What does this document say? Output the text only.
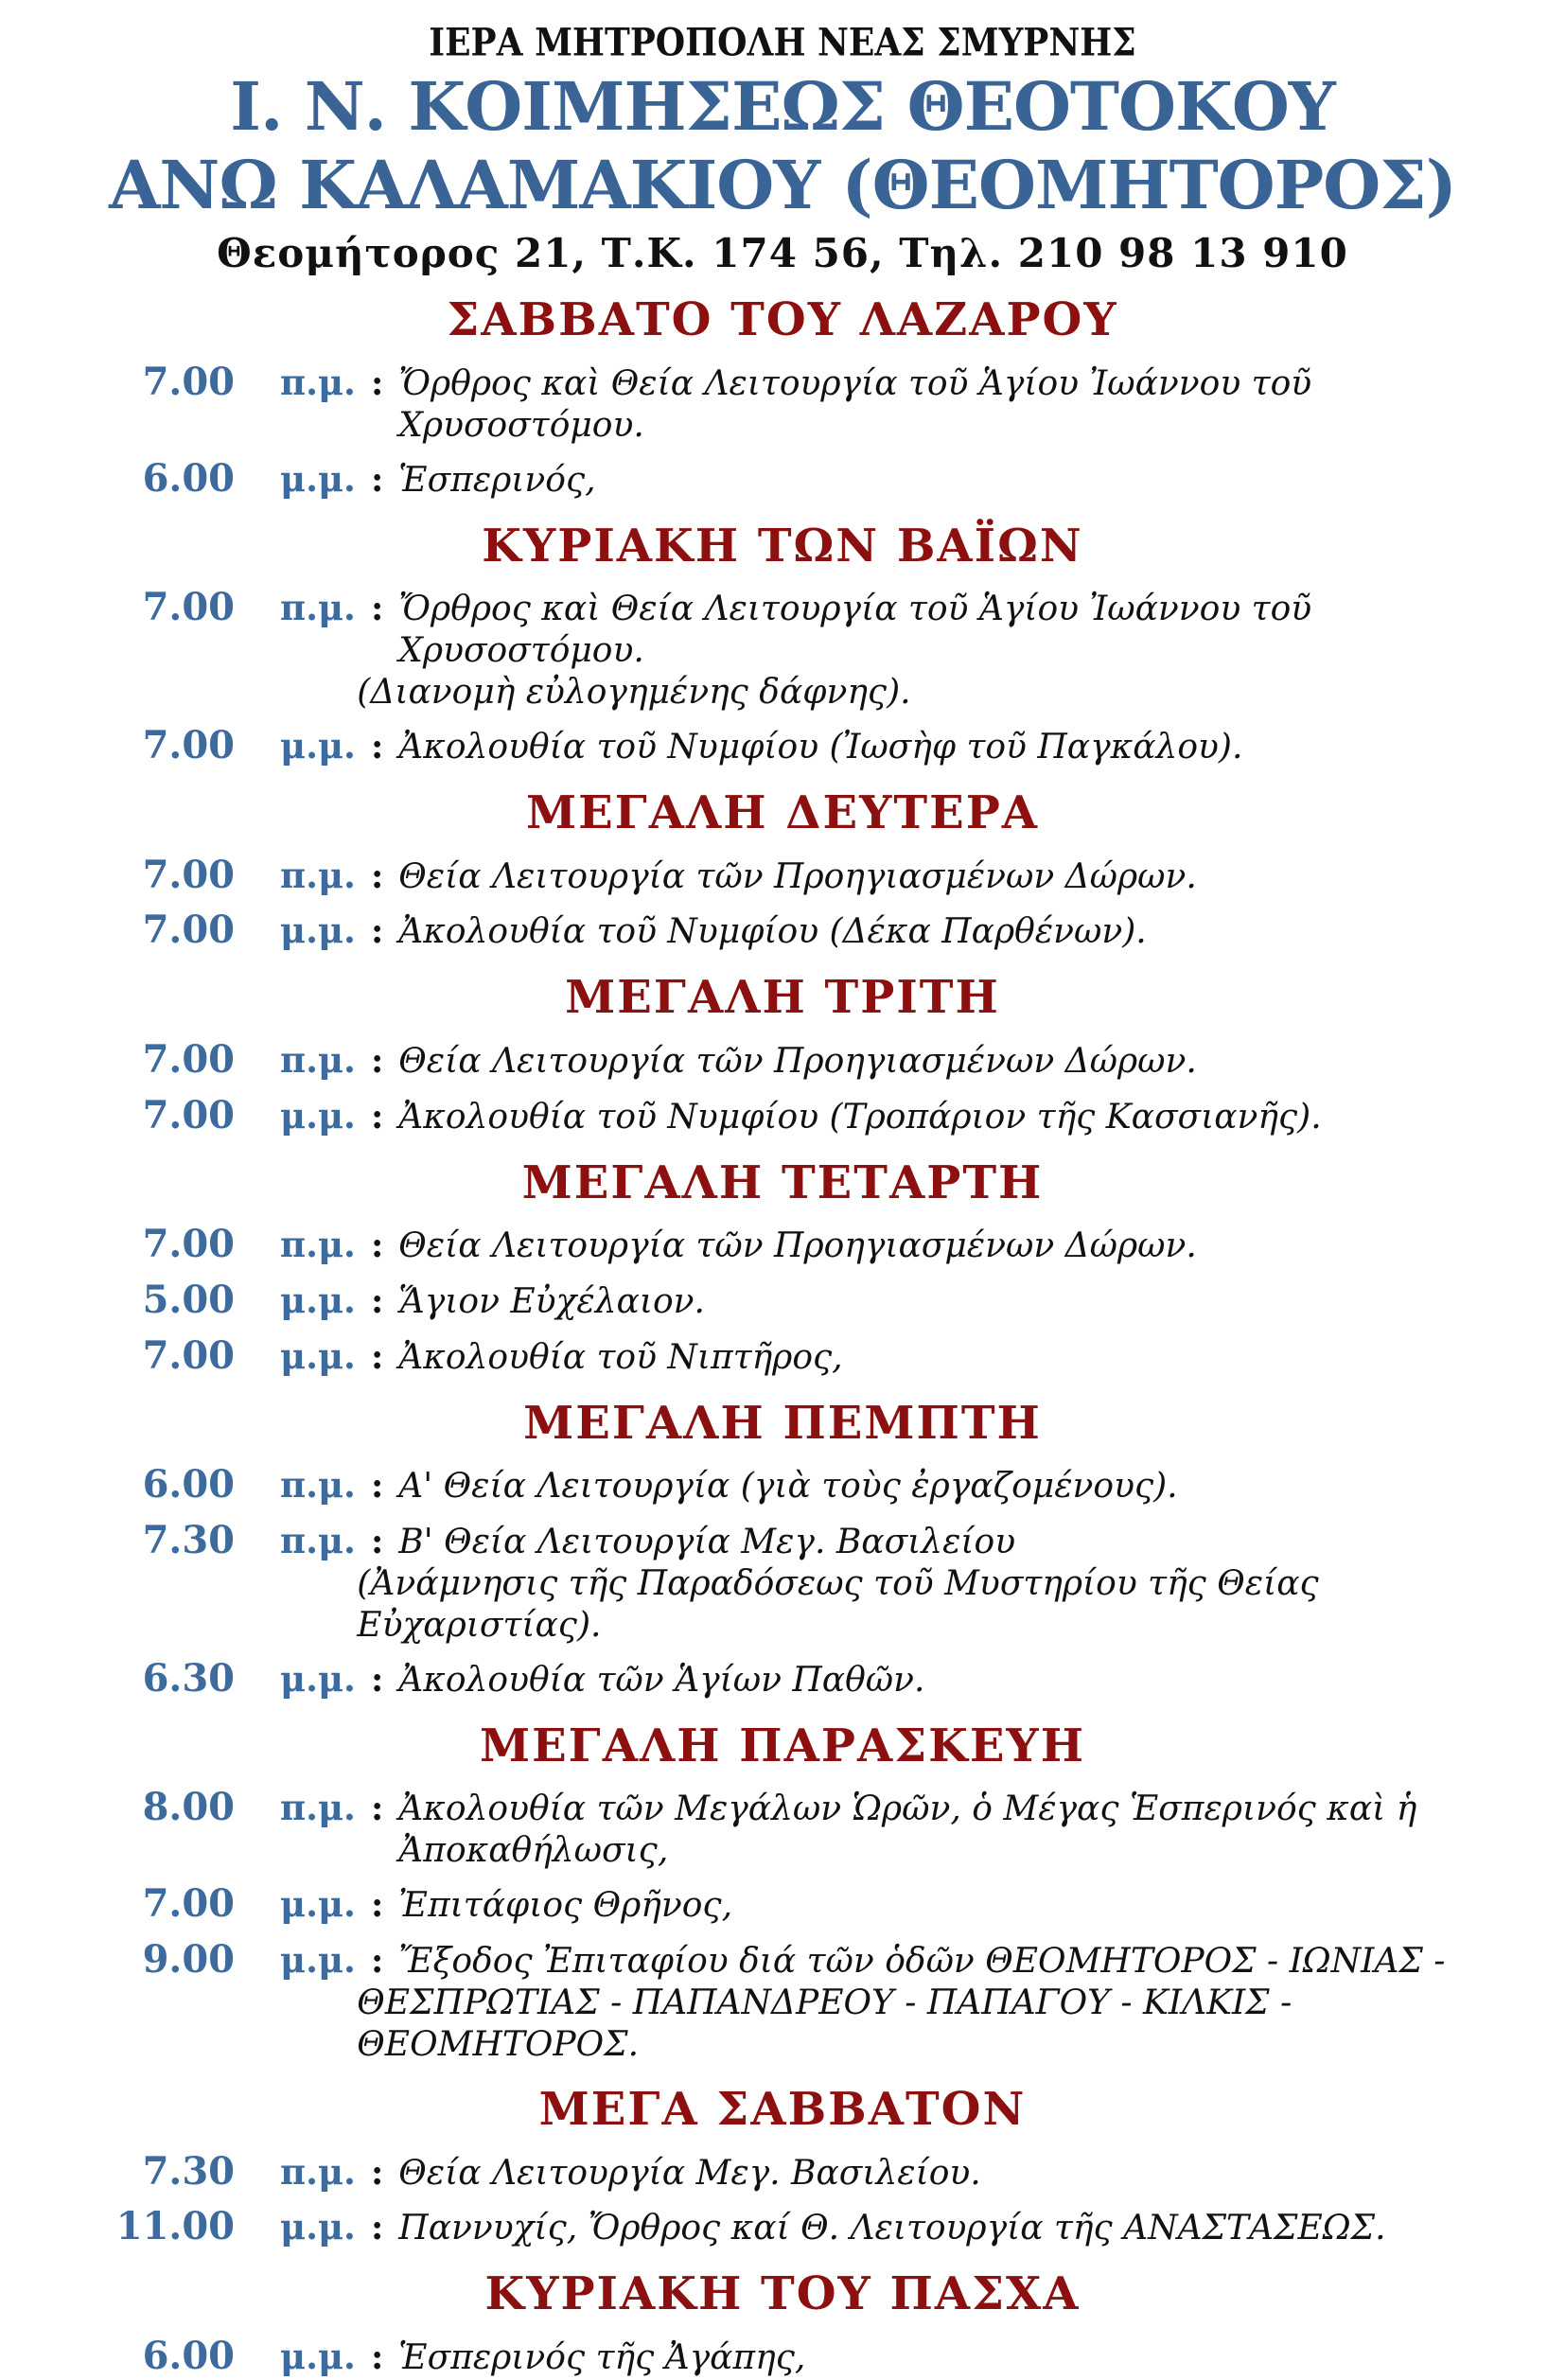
ΙΕΡΑ ΜΗΤΡΟΠΟΛΗ ΝΕΑΣ ΣΜΥΡΝΗΣ
Ι. Ν. ΚΟΙΜΗΣΕΩΣ ΘΕΟΤΟΚΟΥ
ΑΝΩ ΚΑΛΑΜΑΚΙΟΥ (ΘΕΟΜΗΤΟΡΟΣ)
Θεομήτορος 21, Τ.Κ. 174 56, Τηλ. 210 98 13 910
ΣΑΒΒΑΤΟ ΤΟΥ ΛΑΖΑΡΟΥ
7.00 π.μ. : Ὄρθρος καὶ Θεία Λειτουργία τοῦ Ἁγίου Ἰωάννου τοῦ Χρυσοστόμου.
6.00 μ.μ. : Ἑσπερινός,
ΚΥΡΙΑΚΗ ΤΩΝ ΒΑΪΩΝ
7.00 π.μ. : Ὄρθρος καὶ Θεία Λειτουργία τοῦ Ἁγίου Ἰωάννου τοῦ Χρυσοστόμου.
(Διανομὴ εὐλογημένης δάφνης).
7.00 μ.μ. : Ἀκολουθία τοῦ Νυμφίου (Ἰωσὴφ τοῦ Παγκάλου).
ΜΕΓΑΛΗ ΔΕΥΤΕΡΑ
7.00 π.μ. : Θεία Λειτουργία τῶν Προηγιασμένων Δώρων.
7.00 μ.μ. : Ἀκολουθία τοῦ Νυμφίου (Δέκα Παρθένων).
ΜΕΓΑΛΗ ΤΡΙΤΗ
7.00 π.μ. : Θεία Λειτουργία τῶν Προηγιασμένων Δώρων.
7.00 μ.μ. : Ἀκολουθία τοῦ Νυμφίου (Τροπάριον τῆς Κασσιανῆς).
ΜΕΓΑΛΗ ΤΕΤΑΡΤΗ
7.00 π.μ. : Θεία Λειτουργία τῶν Προηγιασμένων Δώρων.
5.00 μ.μ. : Ἅγιον Εὐχέλαιον.
7.00 μ.μ. : Ἀκολουθία τοῦ Νιπτῆρος,
ΜΕΓΑΛΗ ΠΕΜΠΤΗ
6.00 π.μ. : Α' Θεία Λειτουργία (γιὰ τοὺς ἐργαζομένους).
7.30 π.μ. : Β' Θεία Λειτουργία Μεγ. Βασιλείου
(Ἀνάμνησις τῆς Παραδόσεως τοῦ Μυστηρίου τῆς Θείας Εὐχαριστίας).
6.30 μ.μ. : Ἀκολουθία τῶν Ἁγίων Παθῶν.
ΜΕΓΑΛΗ ΠΑΡΑΣΚΕΥΗ
8.00 π.μ. : Ἀκολουθία τῶν Μεγάλων Ὡρῶν, ὁ Μέγας Ἑσπερινός καὶ ἡ Ἀποκαθήλωσις,
7.00 μ.μ. : Ἐπιτάφιος Θρῆνος,
9.00 μ.μ. : Ἔξοδος Ἐπιταφίου διά τῶν ὁδῶν ΘΕΟΜΗΤΟΡΟΣ - ΙΩΝΙΑΣ -
ΘΕΣΠΡΩΤΙΑΣ - ΠΑΠΑΝΔΡΕΟΥ - ΠΑΠΑΓΟΥ - ΚΙΛΚΙΣ - ΘΕΟΜΗΤΟΡΟΣ.
ΜΕΓΑ ΣΑΒΒΑΤΟΝ
7.30 π.μ. : Θεία Λειτουργία Μεγ. Βασιλείου.
11.00 μ.μ. : Παννυχίς, Ὄρθρος καί Θ. Λειτουργία τῆς ΑΝΑΣΤΑΣΕΩΣ.
ΚΥΡΙΑΚΗ ΤΟΥ ΠΑΣΧΑ
6.00 μ.μ. : Ἑσπερινός τῆς Ἀγάπης,
